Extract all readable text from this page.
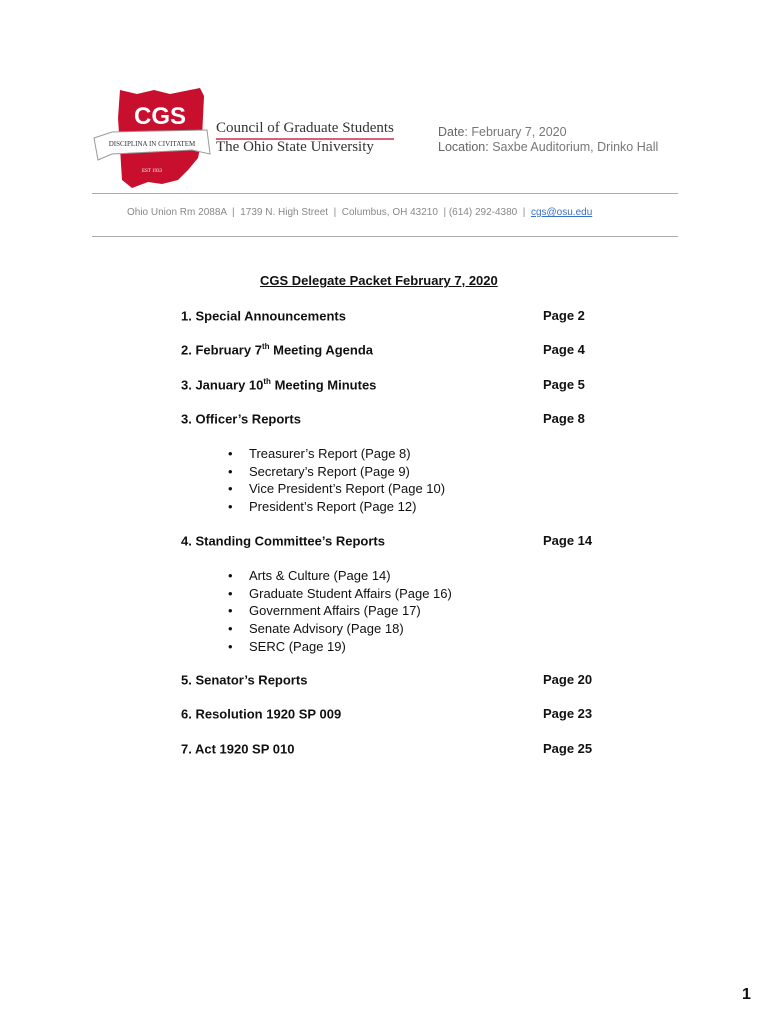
CGS
DISCIPLINA IN CIVITATEM
EST 1933
Council of Graduate Students
The Ohio State University
Date: February 7, 2020
Location: Saxbe Auditorium, Drinko Hall
Ohio Union Rm 2088A  |  1739 N. High Street  |  Columbus, OH 43210  | (614) 292-4380  |  cgs@osu.edu
CGS Delegate Packet February 7, 2020
1. Special Announcements	Page 2
2. February 7th Meeting Agenda	Page 4
3. January 10th Meeting Minutes	Page 5
3. Officer’s Reports	Page 8
4. Standing Committee’s Reports	Page 14
5. Senator’s Reports	Page 20
6. Resolution 1920 SP 009	Page 23
7. Act 1920 SP 010	Page 25
• Treasurer’s Report (Page 8)
• Secretary’s Report (Page 9)
• Vice President’s Report (Page 10)
• President’s Report (Page 12)
• Arts & Culture (Page 14)
• Graduate Student Affairs (Page 16)
• Government Affairs (Page 17)
• Senate Advisory (Page 18)
• SERC (Page 19)
1
